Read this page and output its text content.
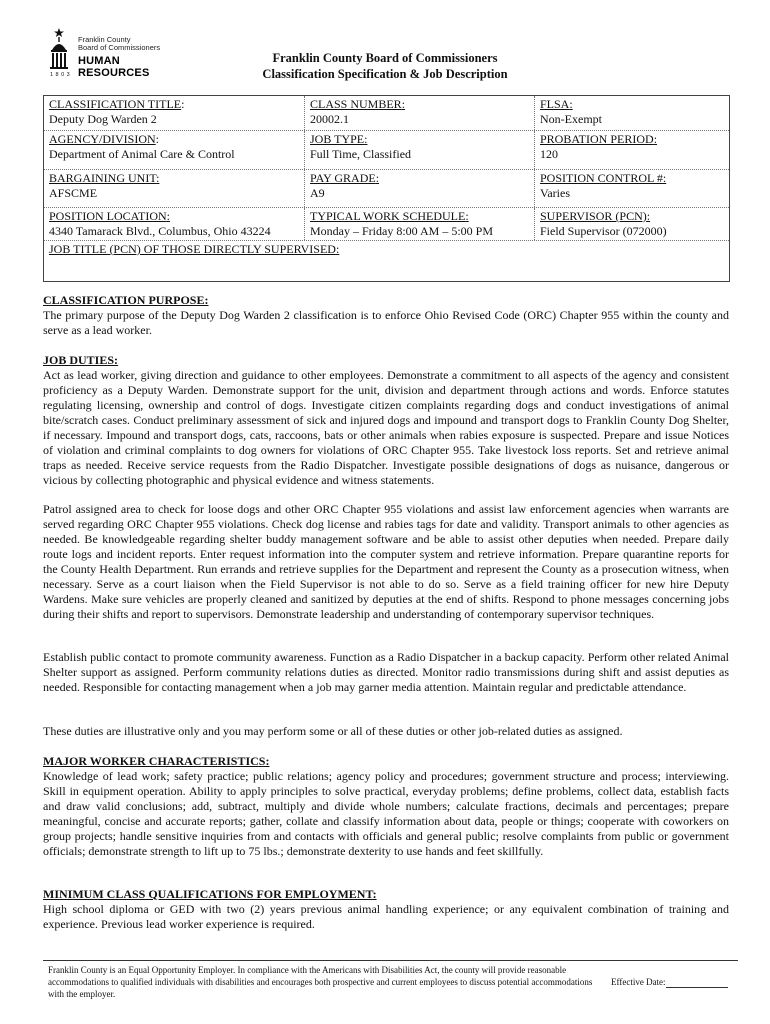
Franklin County
Board of Commissioners
HUMAN RESOURCES
1803
Franklin County Board of Commissioners
Classification Specification & Job Description
CLASSIFICATION TITLE:
Deputy Dog Warden 2
CLASS NUMBER:
20002.1
FLSA:
Non-Exempt
AGENCY/DIVISION:
Department of Animal Care & Control
JOB TYPE:
Full Time, Classified
PROBATION PERIOD:
120
BARGAINING UNIT:
AFSCME
PAY GRADE:
A9
POSITION CONTROL #:
Varies
POSITION LOCATION:
4340 Tamarack Blvd., Columbus, Ohio 43224
TYPICAL WORK SCHEDULE:
Monday – Friday 8:00 AM – 5:00 PM
SUPERVISOR (PCN):
Field Supervisor (072000)
JOB TITLE (PCN) OF THOSE DIRECTLY SUPERVISED:
CLASSIFICATION PURPOSE:
The primary purpose of the Deputy Dog Warden 2 classification is to enforce Ohio Revised Code (ORC) Chapter 955 within the county and serve as a lead worker.
JOB DUTIES:
Act as lead worker, giving direction and guidance to other employees. Demonstrate a commitment to all aspects of the agency and consistent proficiency as a Deputy Warden. Demonstrate support for the unit, division and department through actions and words. Enforce statutes regulating licensing, ownership and control of dogs. Investigate citizen complaints regarding dogs and conduct investigations of animal bite/scratch cases. Conduct preliminary assessment of sick and injured dogs and impound and transport dogs to Franklin County Dog Shelter, if necessary. Impound and transport dogs, cats, raccoons, bats or other animals when rabies exposure is suspected. Prepare and issue Notices of violation and criminal complaints to dog owners for violations of ORC Chapter 955. Take livestock loss reports. Set and retrieve animal traps as needed. Receive service requests from the Radio Dispatcher. Investigate possible designations of dogs as nuisance, dangerous or vicious by collecting photographic and physical evidence and witness statements.
Patrol assigned area to check for loose dogs and other ORC Chapter 955 violations and assist law enforcement agencies when warrants are served regarding ORC Chapter 955 violations. Check dog license and rabies tags for date and validity. Transport animals to other agencies as needed. Be knowledgeable regarding shelter buddy management software and be able to assist other deputies when needed. Prepare daily route logs and incident reports. Enter request information into the computer system and retrieve information. Prepare quarantine reports for the County Health Department. Run errands and retrieve supplies for the Department and represent the County as a prosecution witness, when necessary. Serve as a court liaison when the Field Supervisor is not able to do so. Serve as a field training officer for new hire Deputy Wardens. Make sure vehicles are properly cleaned and sanitized by deputies at the end of shifts. Respond to phone messages concerning jobs during their shifts and report to supervisors. Demonstrate leadership and understanding of contemporary supervisor techniques.
Establish public contact to promote community awareness. Function as a Radio Dispatcher in a backup capacity. Perform other related Animal Shelter support as assigned. Perform community relations duties as directed. Monitor radio transmissions during shift and assist deputies as needed. Responsible for contacting management when a job may garner media attention. Maintain regular and predictable attendance.
These duties are illustrative only and you may perform some or all of these duties or other job-related duties as assigned.
MAJOR WORKER CHARACTERISTICS:
Knowledge of lead work; safety practice; public relations; agency policy and procedures; government structure and process; interviewing. Skill in equipment operation. Ability to apply principles to solve practical, everyday problems; define problems, collect data, establish facts and draw valid conclusions; add, subtract, multiply and divide whole numbers; calculate fractions, decimals and percentages; prepare meaningful, concise and accurate reports; gather, collate and classify information about data, people or things; cooperate with coworkers on group projects; handle sensitive inquiries from and contacts with officials and general public; resolve complaints from public or government officials; demonstrate strength to lift up to 75 lbs.; demonstrate dexterity to use hands and feet skillfully.
MINIMUM CLASS QUALIFICATIONS FOR EMPLOYMENT:
High school diploma or GED with two (2) years previous animal handling experience; or any equivalent combination of training and experience. Previous lead worker experience is required.
Franklin County is an Equal Opportunity Employer. In compliance with the Americans with Disabilities Act, the county will provide reasonable accommodations to qualified individuals with disabilities and encourages both prospective and current employees to discuss potential accommodations with the employer.
Effective Date:
